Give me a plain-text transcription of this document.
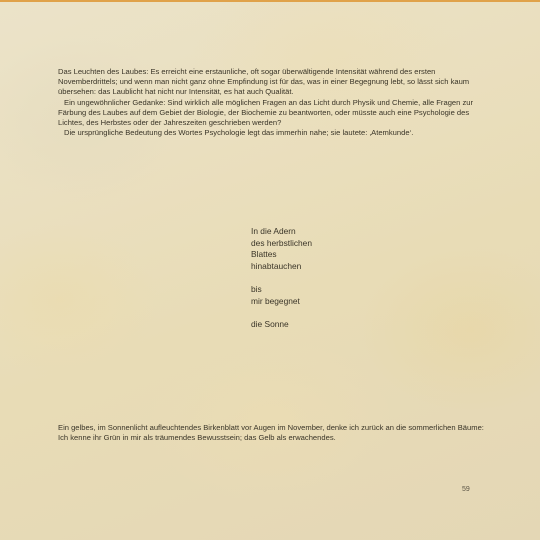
Das Leuchten des Laubes: Es erreicht eine erstaunliche, oft sogar überwältigende Intensität während des ersten Novemberdrittels; und wenn man nicht ganz ohne Empfindung ist für das, was in einer Begegnung lebt, so lässt sich kaum übersehen: das Laublicht hat nicht nur Intensität, es hat auch Qualität.

Ein ungewöhnlicher Gedanke: Sind wirklich alle möglichen Fragen an das Licht durch Physik und Chemie, alle Fragen zur Färbung des Laubes auf dem Gebiet der Biologie, der Biochemie zu beantworten, oder müsste auch eine Psychologie des Lichtes, des Herbstes oder der Jahreszeiten geschrieben werden?

Die ursprüngliche Bedeutung des Wortes Psychologie legt das immerhin nahe; sie lautete: ‚Atemkunde‘.

In die Adern
des herbstlichen
Blattes
hinabtauchen
bis
mir begegnet
die Sonne

Ein gelbes, im Sonnenlicht aufleuchtendes Birkenblatt vor Augen im November, denke ich zurück an die sommerlichen Bäume: Ich kenne ihr Grün in mir als träumendes Bewusstsein; das Gelb als erwachendes.

59
